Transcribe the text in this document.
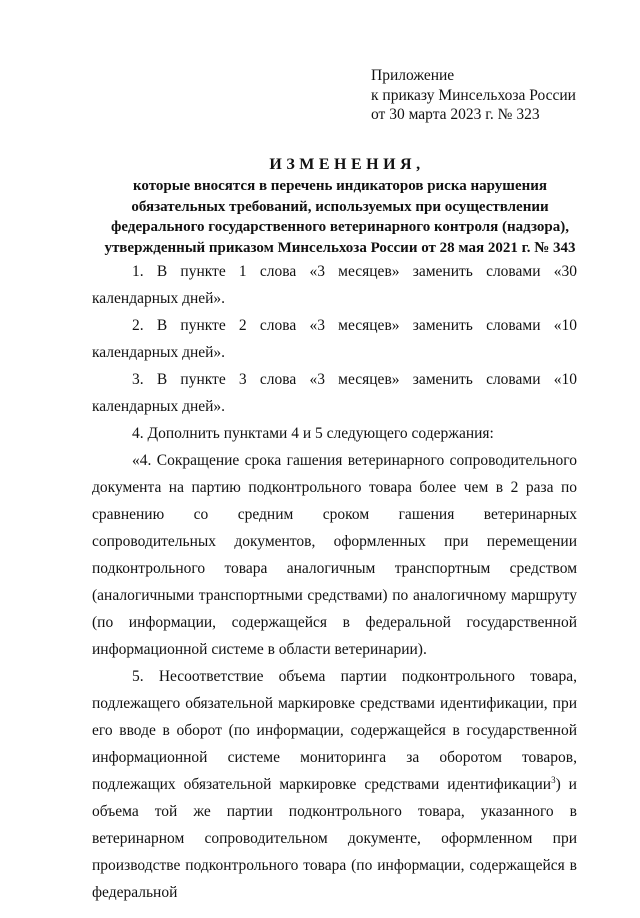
Приложение
к приказу Минсельхоза России
от 30 марта 2023 г. № 323
ИЗМЕНЕНИЯ,
которые вносятся в перечень индикаторов риска нарушения
обязательных требований, используемых при осуществлении
федерального государственного ветеринарного контроля (надзора),
утвержденный приказом Минсельхоза России от 28 мая 2021 г. № 343

1. В пункте 1 слова «3 месяцев» заменить словами «30 календарных дней».

2. В пункте 2 слова «3 месяцев» заменить словами «10 календарных дней».

3. В пункте 3 слова «3 месяцев» заменить словами «10 календарных дней».

4. Дополнить пунктами 4 и 5 следующего содержания:

«4. Сокращение срока гашения ветеринарного сопроводительного документа на партию подконтрольного товара более чем в 2 раза по сравнению со средним сроком гашения ветеринарных сопроводительных документов, оформленных при перемещении подконтрольного товара аналогичным транспортным средством (аналогичными транспортными средствами) по аналогичному маршруту (по информации, содержащейся в федеральной государственной информационной системе в области ветеринарии).

5. Несоответствие объема партии подконтрольного товара, подлежащего обязательной маркировке средствами идентификации, при его вводе в оборот (по информации, содержащейся в государственной информационной системе мониторинга за оборотом товаров, подлежащих обязательной маркировке средствами идентификации$^3$) и объема той же партии подконтрольного товара, указанного в ветеринарном сопроводительном документе, оформленном при производстве подконтрольного товара (по информации, содержащейся в федеральной
